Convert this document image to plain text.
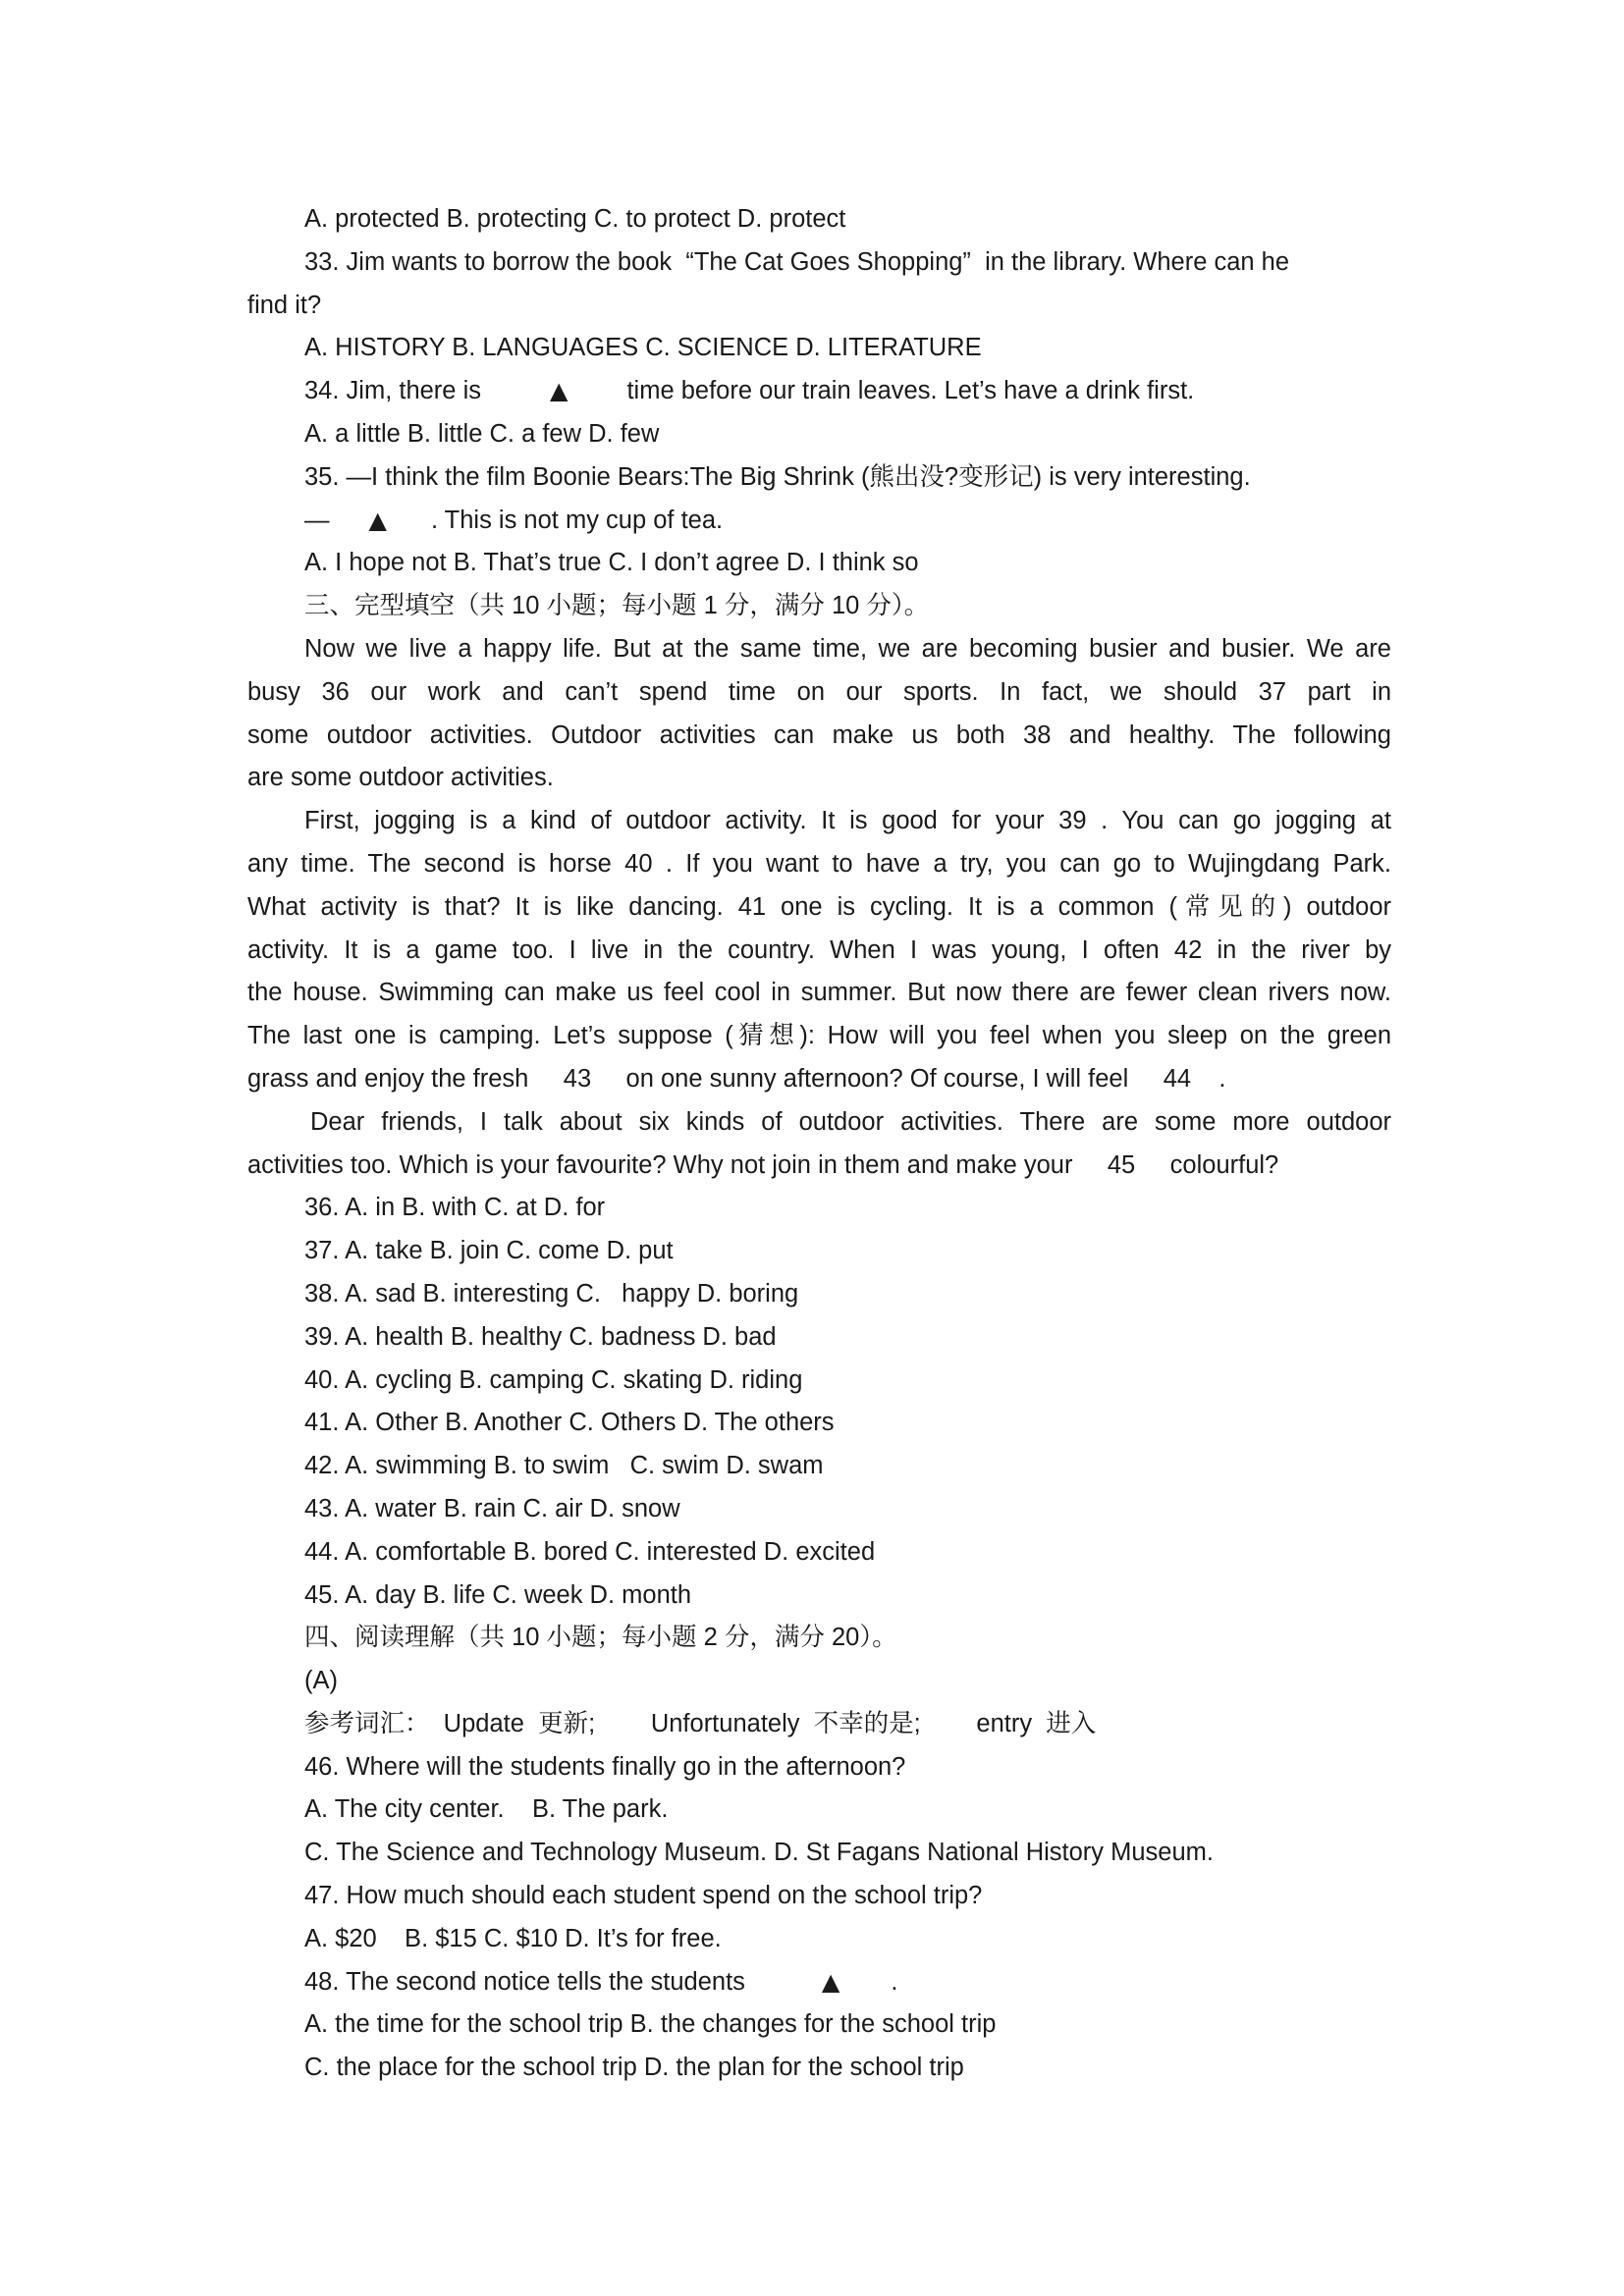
A. protected B. protecting C. to protect D. protect
33. Jim wants to borrow the book  “The Cat Goes Shopping”  in the library. Where can he
find it?
A. HISTORY B. LANGUAGES C. SCIENCE D. LITERATURE
34. Jim, there is	▲ time before our train leaves. Let’s have a drink first.
A. a little B. little C. a few D. few
35. —I think the film Boonie Bears:The Big Shrink (熊出没?变形记) is very interesting.
— ▲ . This is not my cup of tea.
A. I hope not B. That’s true C. I don’t agree D. I think so
三、完型填空（共 10 小题；每小题 1 分，满分 10 分）。
Now we live a happy life. But at the same time, we are becoming busier and busier. We are
busy 36 our work and can’t spend time on our sports. In fact, we should 37 part in
some outdoor activities. Outdoor activities can make us both 38 and healthy. The following
are some outdoor activities.
First, jogging is a kind of outdoor activity. It is good for your 39 . You can go jogging at
any time. The second is horse 40 . If you want to have a try, you can go to Wujingdang Park.
What activity is that? It is like dancing. 41 one is cycling. It is a common (常见的) outdoor
activity. It is a game too. I live in the country. When I was young, I often 42 in the river by
the house. Swimming can make us feel cool in summer. But now there are fewer clean rivers now.
The last one is camping. Let’s suppose (猜想): How will you feel when you sleep on the green
grass and enjoy the fresh     43     on one sunny afternoon? Of course, I will feel     44    .
Dear friends, I talk about six kinds of outdoor activities. There are some more outdoor
activities too. Which is your favourite? Why not join in them and make your     45     colourful?
36. A. in B. with C. at D. for
37. A. take B. join C. come D. put
38. A. sad B. interesting C.   happy D. boring
39. A. health B. healthy C. badness D. bad
40. A. cycling B. camping C. skating D. riding
41. A. Other B. Another C. Others D. The others
42. A. swimming B. to swim   C. swim D. swam
43. A. water B. rain C. air D. snow
44. A. comfortable B. bored C. interested D. excited
45. A. day B. life C. week D. month
四、阅读理解（共 10 小题；每小题 2 分，满分 20）。
(A)
参考词汇：  Update  更新;        Unfortunately  不幸的是;        entry  进入
46. Where will the students finally go in the afternoon?
A. The city center.    B. The park.
C. The Science and Technology Museum. D. St Fagans National History Museum.
47. How much should each student spend on the school trip?
A. $20    B. $15 C. $10 D. It’s for free.
48. The second notice tells the students	▲ .
A. the time for the school trip B. the changes for the school trip
C. the place for the school trip D. the plan for the school trip
